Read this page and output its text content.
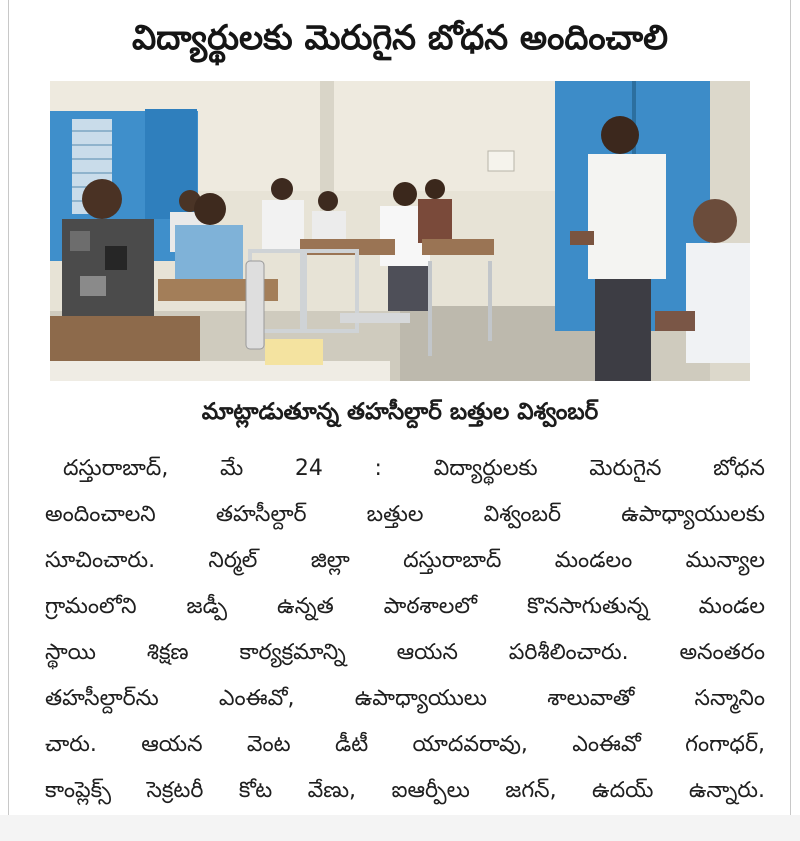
విద్యార్థులకు మెరుగైన బోధన అందించాలి

మాట్లాడుతూన్న తహసీల్దార్ బత్తుల విశ్వంబర్

దస్తురాబాద్, మే 24 : విద్యార్థులకు మెరుగైన బోధన
అందించాలని తహసీల్దార్ బత్తుల విశ్వంబర్ ఉపాధ్యాయులకు
సూచించారు. నిర్మల్ జిల్లా దస్తురాబాద్ మండలం మున్యాల
గ్రామంలోని జడ్పీ ఉన్నత పాఠశాలలో కొనసాగుతున్న మండల
స్థాయి శిక్షణ కార్యక్రమాన్ని ఆయన పరిశీలించారు. అనంతరం
తహసీల్దార్‌ను ఎంఈవో, ఉపాధ్యాయులు శాలువాతో సన్మానిం
చారు. ఆయన వెంట డీటీ యాదవరావు, ఎంఈవో గంగాధర్,
కాంప్లెక్స్ సెక్రటరీ కోట వేణు, ఐఆర్పీలు జగన్, ఉదయ్ ఉన్నారు.
